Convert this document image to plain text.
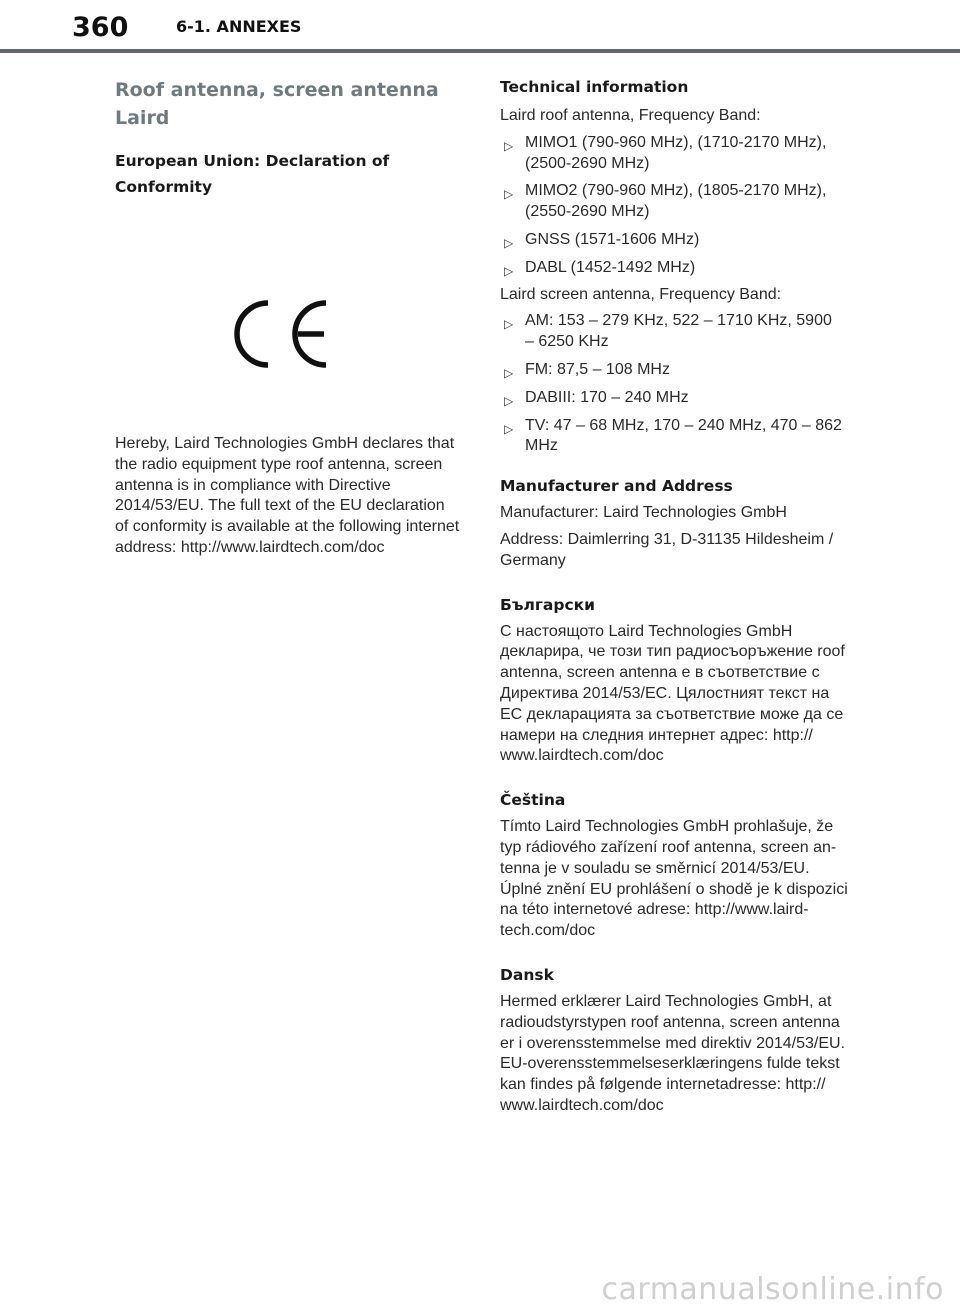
360	6-1. ANNEXES
Roof antenna, screen antenna Laird
European Union: Declaration of Conformity
Hereby, Laird Technologies GmbH declares that
the radio equipment type roof antenna, screen
antenna is in compliance with Directive
2014/53/EU. The full text of the EU declaration
of conformity is available at the following internet
address: http://www.lairdtech.com/doc
Technical information
Laird roof antenna, Frequency Band:
▷ MIMO1 (790-960 MHz), (1710-2170 MHz),
(2500-2690 MHz)
▷ MIMO2 (790-960 MHz), (1805-2170 MHz),
(2550-2690 MHz)
▷ GNSS (1571-1606 MHz)
▷ DABL (1452-1492 MHz)
Laird screen antenna, Frequency Band:
▷ AM: 153 – 279 KHz, 522 – 1710 KHz, 5900
– 6250 KHz
▷ FM: 87,5 – 108 MHz
▷ DABIII: 170 – 240 MHz
▷ TV: 47 – 68 MHz, 170 – 240 MHz, 470 – 862
MHz
Manufacturer and Address
Manufacturer: Laird Technologies GmbH
Address: Daimlerring 31, D-31135 Hildesheim /
Germany
Български
С настоящото Laird Technologies GmbH
декларира, че този тип радиосъоръжение roof
antenna, screen antenna е в съответствие с
Директива 2014/53/ЕС. Цялостният текст на
ЕС декларацията за съответствие може да се
намери на следния интернет адрес: http://
www.lairdtech.com/doc
Čeština
Tímto Laird Technologies GmbH prohlašuje, že
typ rádiového zařízení roof antenna, screen an-
tenna je v souladu se směrnicí 2014/53/EU.
Úplné znění EU prohlášení o shodě je k dispozici
na této internetové adrese: http://www.laird-
tech.com/doc
Dansk
Hermed erklærer Laird Technologies GmbH, at
radioudstyrstypen roof antenna, screen antenna
er i overensstemmelse med direktiv 2014/53/EU.
EU-overensstemmelseserklæringens fulde tekst
kan findes på følgende internetadresse: http://
www.lairdtech.com/doc
carmanualsonline.info
